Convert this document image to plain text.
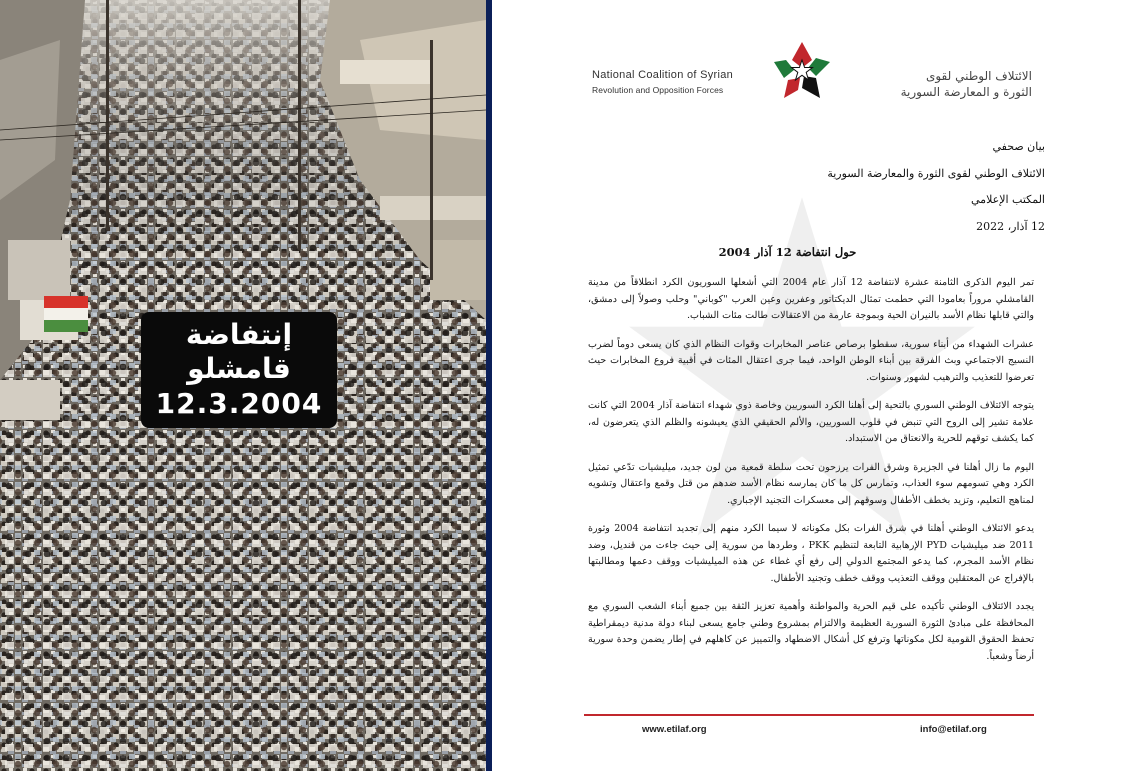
إنتفاضة قامشلو
12.3.2004
National Coalition of Syrian
Revolution and Opposition Forces
الائتلاف الوطني لقوى
الثورة و المعارضة السورية
بيان صحفي
الائتلاف الوطني لقوى الثورة والمعارضة السورية
المكتب الإعلامي
12 آذار، 2022
حول انتفاضة 12 آذار 2004

تمر اليوم الذكرى الثامنة عشرة لانتفاضة 12 آذار عام 2004 التي أشعلها السوريون الكرد انطلاقاً من مدينة القامشلي مروراً بعامودا التي حطمت تمثال الديكتاتور وعفرين وعين العرب "كوباني" وحلب وصولاً إلى دمشق، والتي قابلها نظام الأسد بالنيران الحية وبموجة عارمة من الاعتقالات طالت مئات الشباب.

عشرات الشهداء من أبناء سورية، سقطوا برصاص عناصر المخابرات وقوات النظام الذي كان يسعى دوماً لضرب النسيج الاجتماعي وبث الفرقة بين أبناء الوطن الواحد، فيما جرى اعتقال المئات في أقبية فروع المخابرات حيث تعرضوا للتعذيب والترهيب لشهور وسنوات.

يتوجه الائتلاف الوطني السوري بالتحية إلى أهلنا الكرد السوريين وخاصة ذوي شهداء انتفاضة آذار 2004 التي كانت علامة تشير إلى الروح التي تنبض في قلوب السوريين، والألم الحقيقي الذي يعيشونه والظلم الذي يتعرضون له، كما يكشف توقهم للحرية والانعتاق من الاستبداد.

اليوم ما زال أهلنا في الجزيرة وشرق الفرات يرزحون تحت سلطة قمعية من لون جديد، ميليشيات تدّعي تمثيل الكرد وهي تسومهم سوء العذاب، وتمارس كل ما كان يمارسه نظام الأسد ضدهم من قتل وقمع واعتقال وتشويه لمناهج التعليم، وتزيد بخطف الأطفال وسوقهم إلى معسكرات التجنيد الإجباري.

يدعو الائتلاف الوطني أهلنا في شرق الفرات بكل مكوناته لا سيما الكرد منهم إلى تجديد انتفاضة 2004 وثورة 2011 ضد ميليشيات PYD الإرهابية التابعة لتنظيم PKK ، وطردها من سورية إلى حيث جاءت من قنديل، وضد نظام الأسد المجرم، كما يدعو المجتمع الدولي إلى رفع أي غطاء عن هذه الميليشيات ووقف دعمها ومطالبتها بالإفراج عن المعتقلين ووقف التعذيب ووقف خطف وتجنيد الأطفال.

يجدد الائتلاف الوطني تأكيده على قيم الحرية والمواطنة وأهمية تعزيز الثقة بين جميع أبناء الشعب السوري مع المحافظة على مبادئ الثورة السورية العظيمة والالتزام بمشروع وطني جامع يسعى لبناء دولة مدنية ديمقراطية تحفظ الحقوق القومية لكل مكوناتها وترفع كل أشكال الاضطهاد والتمييز عن كاهلهم في إطار يضمن وحدة سورية أرضاً وشعباً.

www.etilaf.org	info@etilaf.org
